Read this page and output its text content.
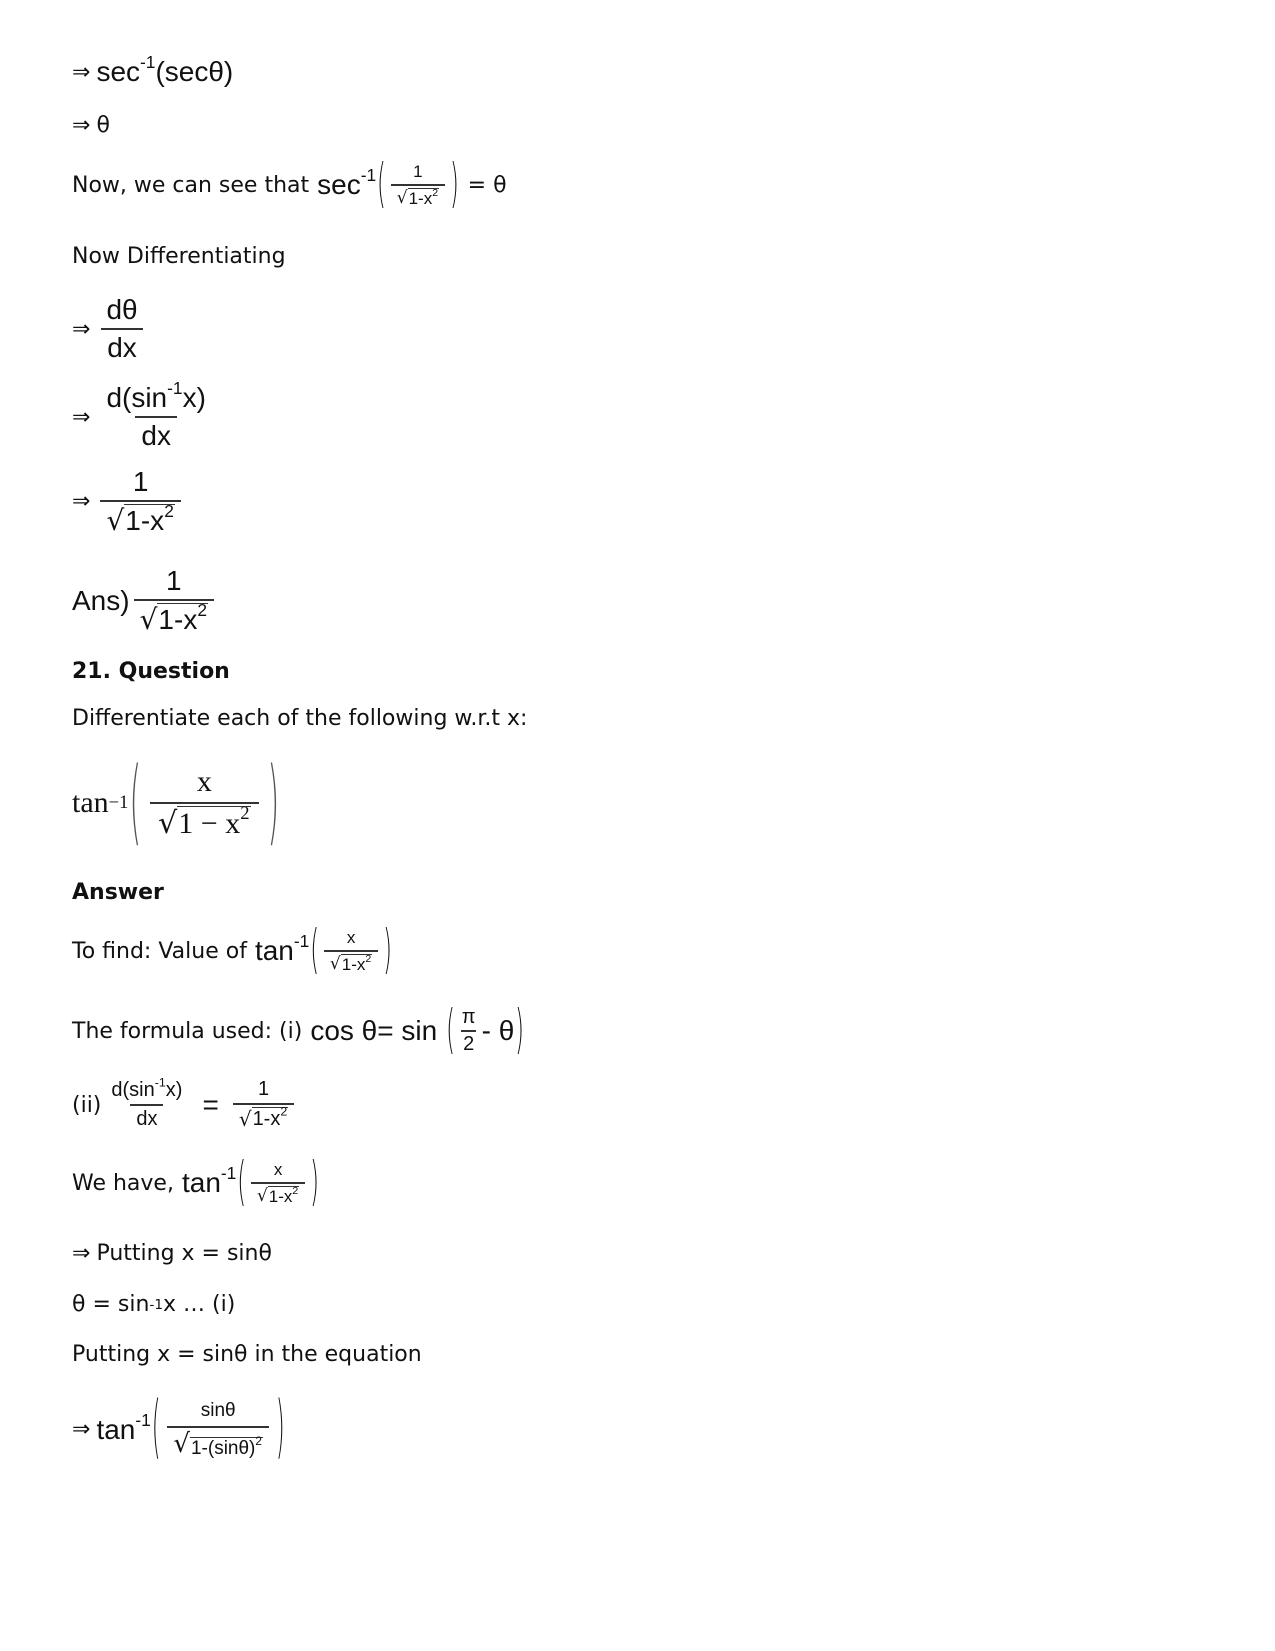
⇒ $\sec^{-1}(\sec\theta)$
⇒ θ
Now, we can see that $\sec^{-1}$ ( $\frac{1}{√ 1-x^2}$ ) = θ
Now Differentiating
⇒ $\frac{d\theta}{dx}$
⇒ $\frac{d(\sin^{-1}x)}{dx}$
⇒ $\frac{1}{√ 1-x^2}$
$Ans) \frac{1}{√ 1-x^2}$
21. Question
Differentiate each of the following w.r.t x:
tan −1 ( $\frac{x}{√ 1 - x^2}$ )
Answer
To find: Value of $\tan^{-1}$ ( $\frac{x}{√ 1-x^2}$ )
The formula used: (i) cos θ= sin ( $\frac{\pi}{2}$ - θ )
$(ii) \frac{d(\sin^{-1}x)}{dx} = \frac{1}{√ 1-x^2}$
We have, $\tan^{-1}$ ( $\frac{x}{√ 1-x^2}$ )
⇒ Putting x = sinθ
θ = sin -1 x … (i)
Putting x = sinθ in the equation
⇒ $\tan^{-1}$ ( $\frac{\sin\theta}{√ 1-(\sin\theta)^2}$ )
